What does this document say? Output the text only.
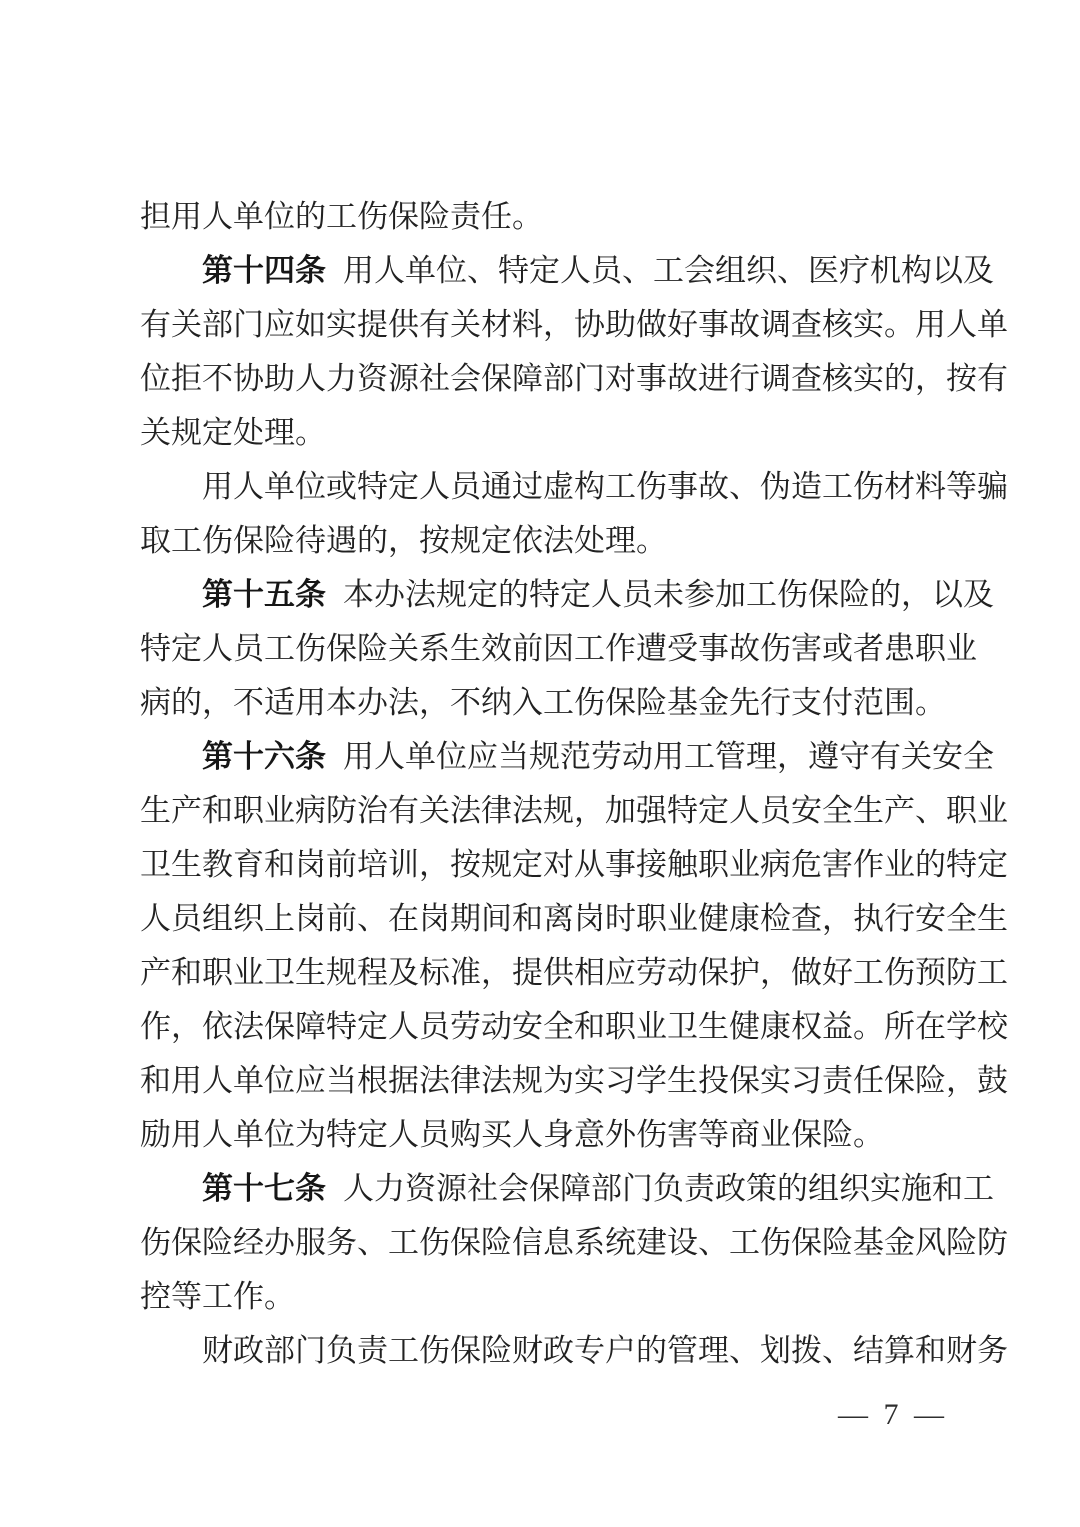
担用人单位的工伤保险责任。
第十四条 用人单位、特定人员、工会组织、医疗机构以及
有关部门应如实提供有关材料，协助做好事故调查核实。用人单
位拒不协助人力资源社会保障部门对事故进行调查核实的，按有
关规定处理。
用人单位或特定人员通过虚构工伤事故、伪造工伤材料等骗
取工伤保险待遇的，按规定依法处理。
第十五条 本办法规定的特定人员未参加工伤保险的，以及
特定人员工伤保险关系生效前因工作遭受事故伤害或者患职业
病的，不适用本办法，不纳入工伤保险基金先行支付范围。
第十六条 用人单位应当规范劳动用工管理，遵守有关安全
生产和职业病防治有关法律法规，加强特定人员安全生产、职业
卫生教育和岗前培训，按规定对从事接触职业病危害作业的特定
人员组织上岗前、在岗期间和离岗时职业健康检查，执行安全生
产和职业卫生规程及标准，提供相应劳动保护，做好工伤预防工
作，依法保障特定人员劳动安全和职业卫生健康权益。所在学校
和用人单位应当根据法律法规为实习学生投保实习责任保险，鼓
励用人单位为特定人员购买人身意外伤害等商业保险。
第十七条 人力资源社会保障部门负责政策的组织实施和工
伤保险经办服务、工伤保险信息系统建设、工伤保险基金风险防
控等工作。
财政部门负责工伤保险财政专户的管理、划拨、结算和财务
— 7 —
